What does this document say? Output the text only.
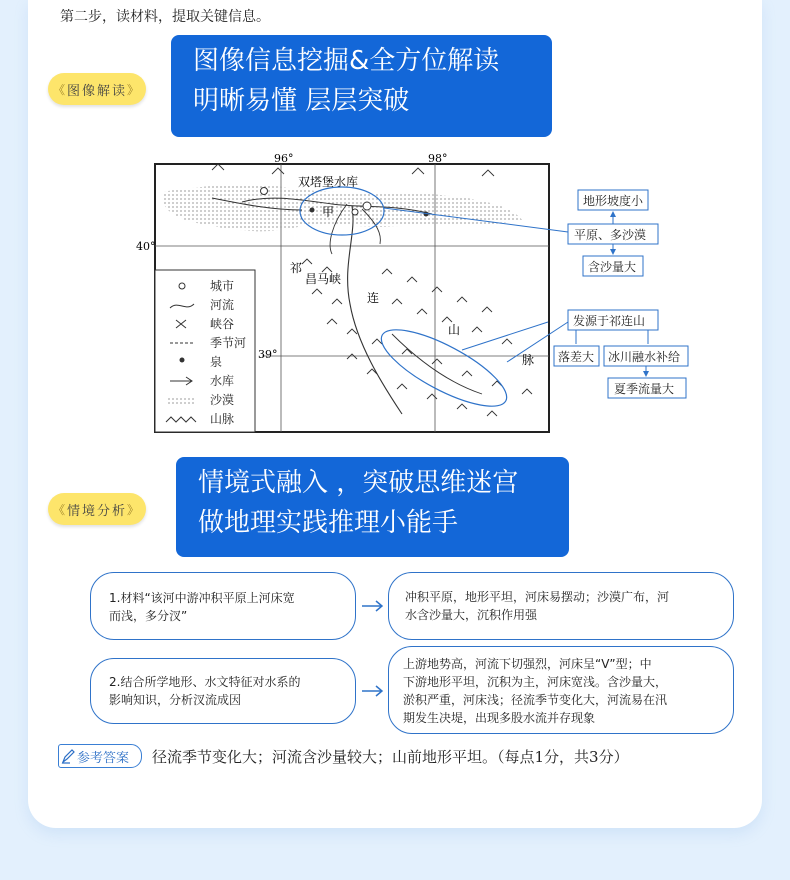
第二步，读材料，提取关键信息。
《 图像解读 》
图像信息挖掘&全方位解读
明晰易懂 层层突破
96°	98°
40°
39°
双塔堡水库
甲
昌马峡
祁
连
山
脉
城市
河流
峡谷
季节河
泉
水库
沙漠
山脉
地形坡度小
平原、多沙漠
含沙量大
发源于祁连山
落差大 冰川融水补给
夏季流量大
《 情境分析 》
情境式融入 ，突破思维迷宫
做地理实践推理小能手
1.材料“该河中游冲积平原上河床宽
而浅，多分汊”
冲积平原，地形平坦，河床易摆动；沙漠广布，河
水含沙量大，沉积作用强
2.结合所学地形、水文特征对水系的
影响知识，分析汊流成因
上游地势高，河流下切强烈，河床呈“V”型；中
下游地形平坦，沉积为主，河床宽浅。含沙量大，
淤积严重，河床浅；径流季节变化大，河流易在汛
期发生决堤，出现多股水流并存现象
参考答案 径流季节变化大；河流含沙量较大；山前地形平坦。（每点1分，共3分）
